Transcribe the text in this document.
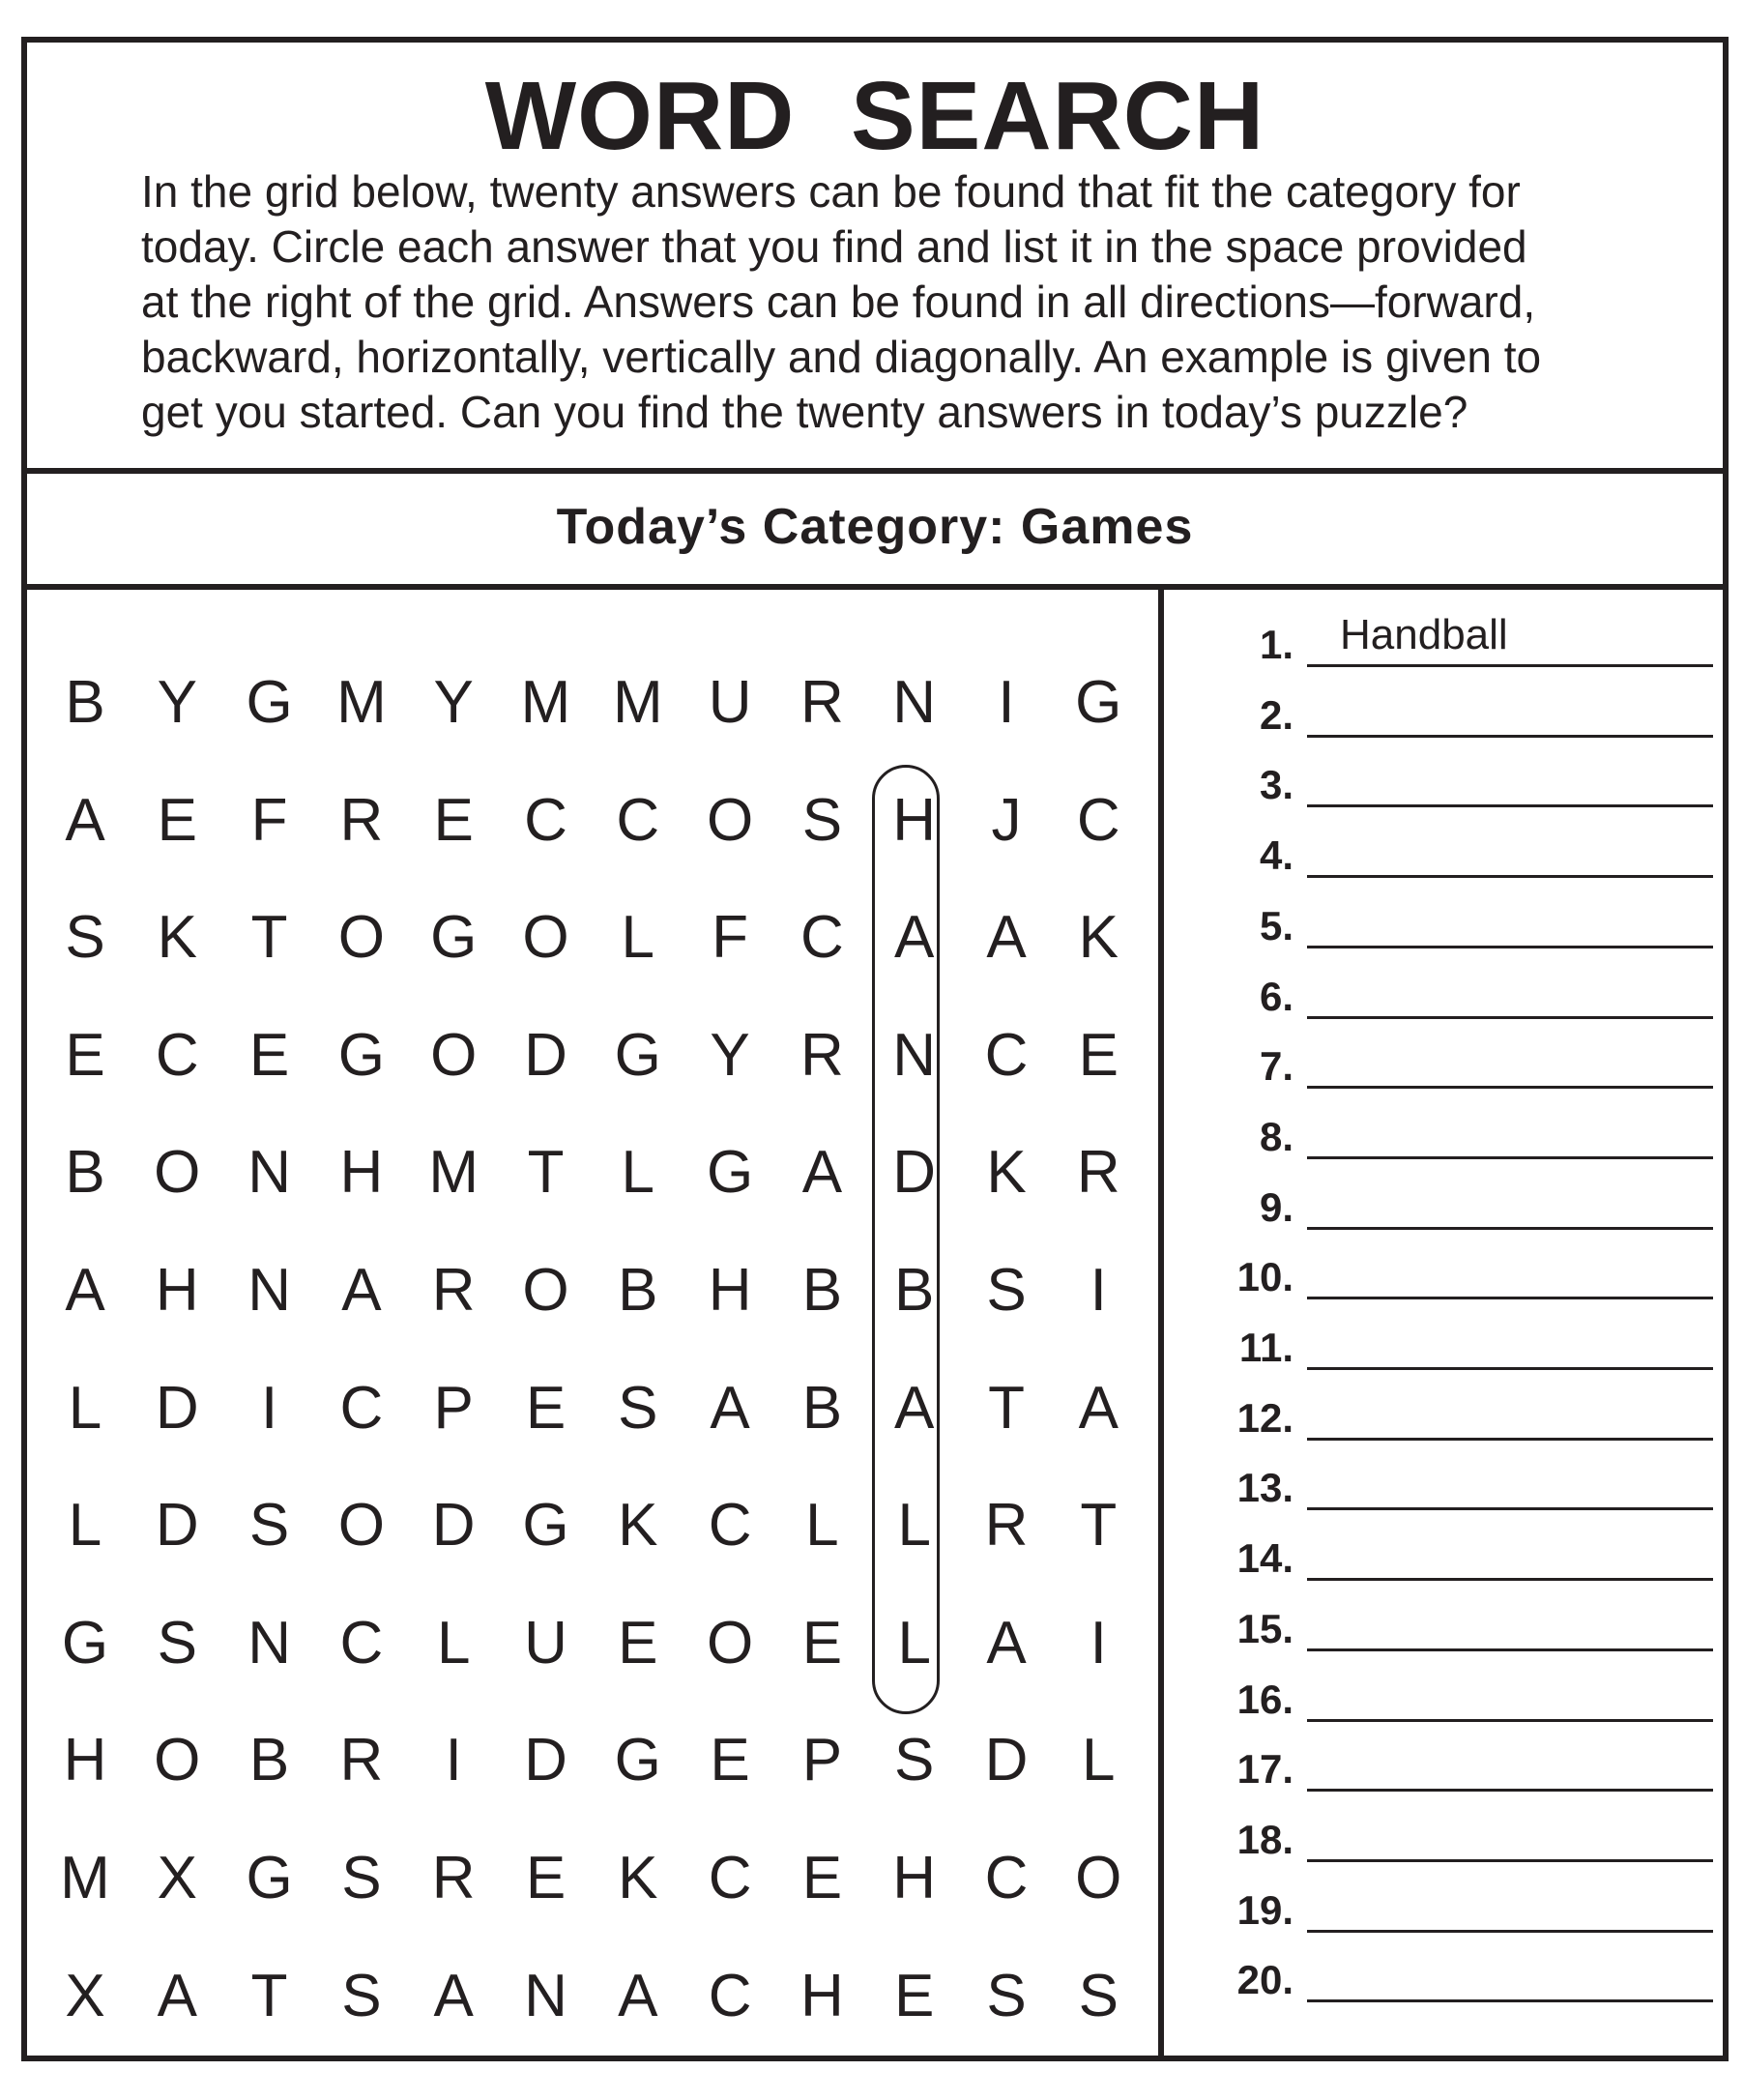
WORD  SEARCH

In the grid below, twenty answers can be found that fit the category for
today. Circle each answer that you find and list it in the space provided
at the right of the grid. Answers can be found in all directions—forward,
backward, horizontally, vertically and diagonally. An example is given to
get you started. Can you find the twenty answers in today’s puzzle?

Today’s Category: Games
B Y G M Y M M U R N	I	G
A E F R E C C O S H J C
S K T O G O L F C A A K
E C E G O D G Y R N C E
B O N H M T L G A D K R
A H N A R O B H B B S	I
L D	I	C P E S A B A T A
L D S O D G K C L L R T
G S N C L U E O E L A	I
H O B R	I	D G E P S D L
M X G S R E K C E H C O
X A T S A N A C H E S S
1. Handball
2.
3.
4.
5.
6.
7.
8.
9.
10.
11.
12.
13.
14.
15.
16.
17.
18.
19.
20.
